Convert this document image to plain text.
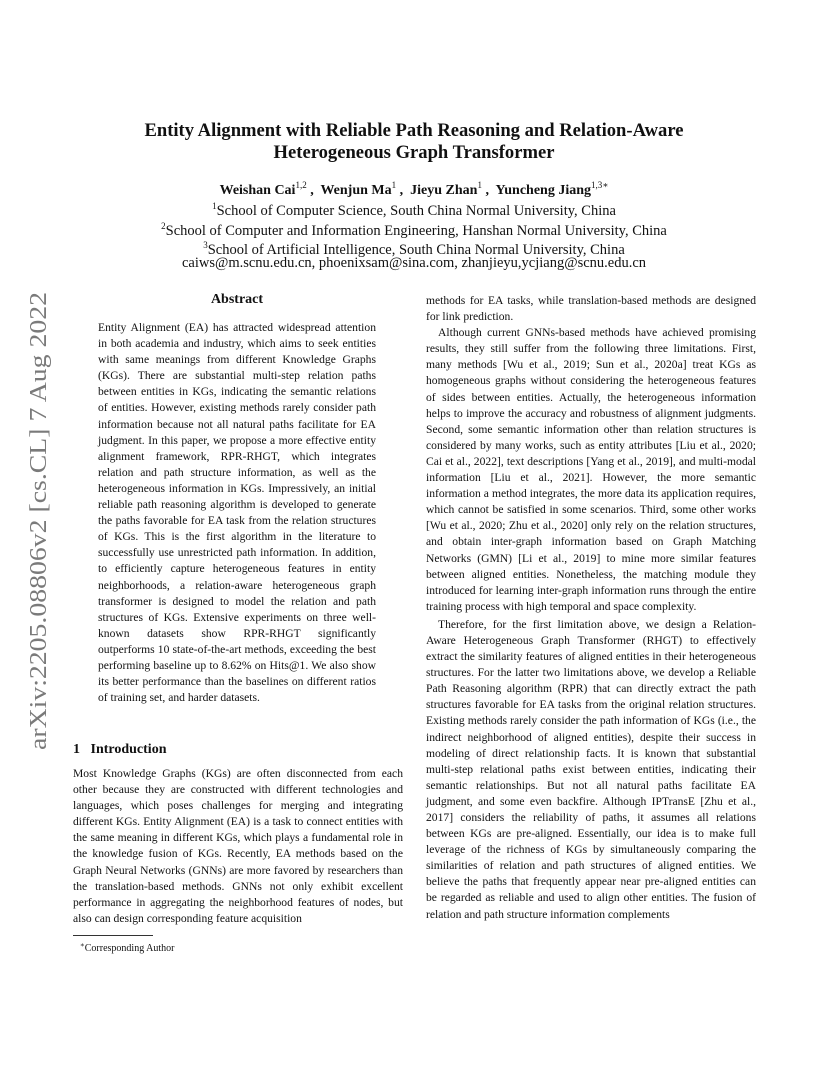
arXiv:2205.08806v2 [cs.CL] 7 Aug 2022
Entity Alignment with Reliable Path Reasoning and Relation-Aware
Heterogeneous Graph Transformer
Weishan Cai$^{1,2}$ ,  Wenjun Ma$^1$ ,  Jieyu Zhan$^1$ ,  Yuncheng Jiang$^{1,3∗}$
$^1$School of Computer Science, South China Normal University, China
$^2$School of Computer and Information Engineering, Hanshan Normal University, China
$^3$School of Artificial Intelligence, South China Normal University, China
caiws@m.scnu.edu.cn, phoenixsam@sina.com, zhanjieyu,ycjiang@scnu.edu.cn
Abstract

Entity Alignment (EA) has attracted widespread attention in both academia and industry, which aims to seek entities with same meanings from different Knowledge Graphs (KGs). There are substantial multi-step relation paths between entities in KGs, indicating the semantic relations of entities. However, existing methods rarely consider path information because not all natural paths facilitate for EA judgment. In this paper, we propose a more effective entity alignment framework, RPR-RHGT, which integrates relation and path structure information, as well as the heterogeneous information in KGs. Impressively, an initial reliable path reasoning algorithm is developed to generate the paths favorable for EA task from the relation structures of KGs. This is the first algorithm in the literature to successfully use unrestricted path information. In addition, to efficiently capture heterogeneous features in entity neighborhoods, a relation-aware heterogeneous graph transformer is designed to model the relation and path structures of KGs. Extensive experiments on three well-known datasets show RPR-RHGT significantly outperforms 10 state-of-the-art methods, exceeding the best performing baseline up to 8.62% on Hits@1. We also show its better performance than the baselines on different ratios of training set, and harder datasets.

1 Introduction

Most Knowledge Graphs (KGs) are often disconnected from each other because they are constructed with different technologies and languages, which poses challenges for merging and integrating different KGs. Entity Alignment (EA) is a task to connect entities with the same meaning in different KGs, which plays a fundamental role in the knowledge fusion of KGs. Recently, EA methods based on the Graph Neural Networks (GNNs) are more favored by researchers than the translation-based methods. GNNs not only exhibit excellent performance in aggregating the neighborhood features of nodes, but also can design corresponding feature acquisition

∗Corresponding Author

methods for EA tasks, while translation-based methods are designed for link prediction.

Although current GNNs-based methods have achieved promising results, they still suffer from the following three limitations. First, many methods [Wu et al., 2019; Sun et al., 2020a] treat KGs as homogeneous graphs without considering the heterogeneous features of sides between entities. Actually, the heterogeneous information helps to improve the accuracy and robustness of alignment judgments. Second, some semantic information other than relation structures is considered by many works, such as entity attributes [Liu et al., 2020; Cai et al., 2022], text descriptions [Yang et al., 2019], and multi-modal information [Liu et al., 2021]. However, the more semantic information a method integrates, the more data its application requires, which cannot be satisfied in some scenarios. Third, some other works [Wu et al., 2020; Zhu et al., 2020] only rely on the relation structures, and obtain inter-graph information based on Graph Matching Networks (GMN) [Li et al., 2019] to mine more similar features between aligned entities. Nonetheless, the matching module they introduced for learning inter-graph information runs through the entire training process with high temporal and space complexity.

Therefore, for the first limitation above, we design a Relation-Aware Heterogeneous Graph Transformer (RHGT) to effectively extract the similarity features of aligned entities in their heterogeneous structures. For the latter two limitations above, we develop a Reliable Path Reasoning algorithm (RPR) that can directly extract the path structures favorable for EA tasks from the original relation structures. Existing methods rarely consider the path information of KGs (i.e., the indirect neighborhood of aligned entities), despite their success in modeling of direct relationship facts. It is known that substantial multi-step relational paths exist between entities, indicating their semantic relationships. But not all natural paths facilitate EA judgment, and some even backfire. Although IPTransE [Zhu et al., 2017] considers the reliability of paths, it assumes all relations between KGs are pre-aligned. Essentially, our idea is to make full leverage of the richness of KGs by simultaneously comparing the similarities of relation and path structures of aligned entities. We believe the paths that frequently appear near pre-aligned entities can be regarded as reliable and used to align other entities. The fusion of relation and path structure information complements
